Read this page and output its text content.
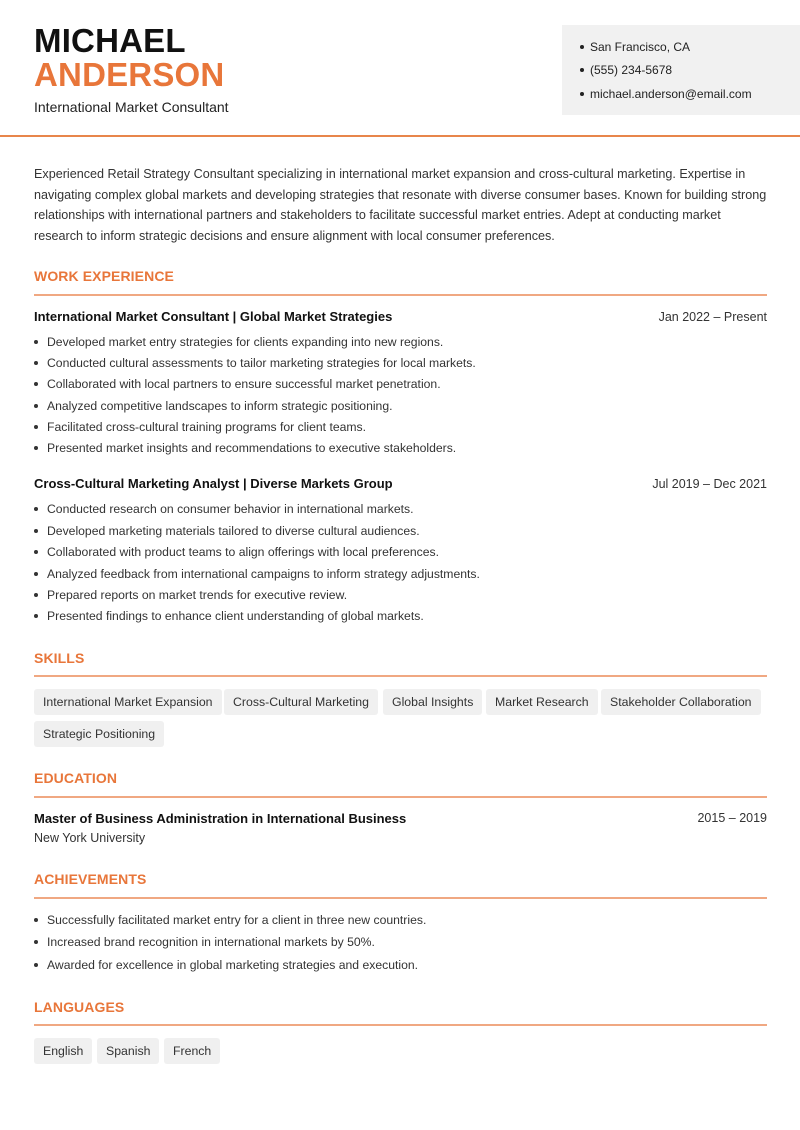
MICHAEL
ANDERSON
International Market Consultant
San Francisco, CA
(555) 234-5678
michael.anderson@email.com
Experienced Retail Strategy Consultant specializing in international market expansion and cross-cultural marketing. Expertise in navigating complex global markets and developing strategies that resonate with diverse consumer bases. Known for building strong relationships with international partners and stakeholders to facilitate successful market entries. Adept at conducting market research to inform strategic decisions and ensure alignment with local consumer preferences.
WORK EXPERIENCE
International Market Consultant | Global Market Strategies	Jan 2022 – Present
Developed market entry strategies for clients expanding into new regions.
Conducted cultural assessments to tailor marketing strategies for local markets.
Collaborated with local partners to ensure successful market penetration.
Analyzed competitive landscapes to inform strategic positioning.
Facilitated cross-cultural training programs for client teams.
Presented market insights and recommendations to executive stakeholders.
Cross-Cultural Marketing Analyst | Diverse Markets Group	Jul 2019 – Dec 2021
Conducted research on consumer behavior in international markets.
Developed marketing materials tailored to diverse cultural audiences.
Collaborated with product teams to align offerings with local preferences.
Analyzed feedback from international campaigns to inform strategy adjustments.
Prepared reports on market trends for executive review.
Presented findings to enhance client understanding of global markets.
SKILLS
International Market Expansion	Cross-Cultural Marketing	Global Insights	Market Research	Stakeholder Collaboration
Strategic Positioning
EDUCATION
Master of Business Administration in International Business
New York University
2015 – 2019
ACHIEVEMENTS
Successfully facilitated market entry for a client in three new countries.
Increased brand recognition in international markets by 50%.
Awarded for excellence in global marketing strategies and execution.
LANGUAGES
English	Spanish	French
